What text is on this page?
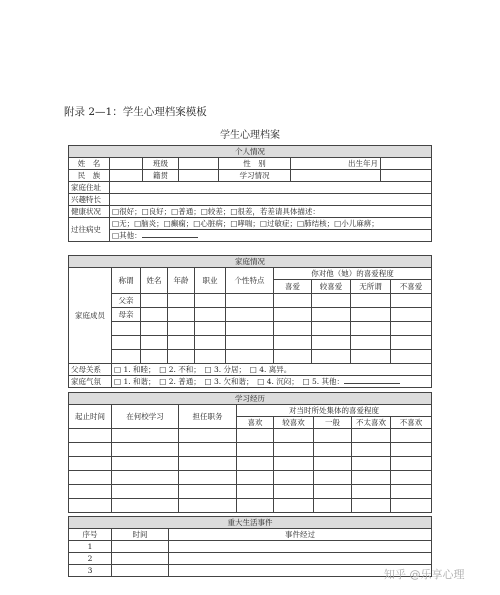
附录 2—1：学生心理档案模板
学生心理档案
个人情况						
姓　名		班级		性　别	出生年月	
民　族		籍贯		学习情况		
家庭住址						
兴趣特长						
健康状况	□很好；□良好；□普通；□较差；□很差，若差请具体描述：					
过往病史	□无；□脑炎；□癫痫；□心脏病；□哮喘；□过敏症；□肺结核；□小儿麻痹；					
	□其他：					
家庭情况									
家庭成员	称谓	姓名	年龄	职业	个性特点	你对他（她）的喜爱程度			
						喜爱	较喜爱	无所谓	不喜爱
	父亲								
	母亲								

父母关系	□ 1. 和睦；　□ 2. 不和；　□ 3. 分居；　□ 4. 离异。								
家庭气氛	□ 1. 和谐；　□ 2. 普通；　□ 3. 欠和谐；　□ 4. 沉闷；　□ 5. 其他：								
学习经历							
起止时间	在何校学习	担任职务	对当时所处集体的喜爱程度				
			喜欢	较喜欢	一般	不太喜欢	不喜欢

重大生活事件		
序号	时间	事件经过
1		
2		
3			知乎 @乐享心理
